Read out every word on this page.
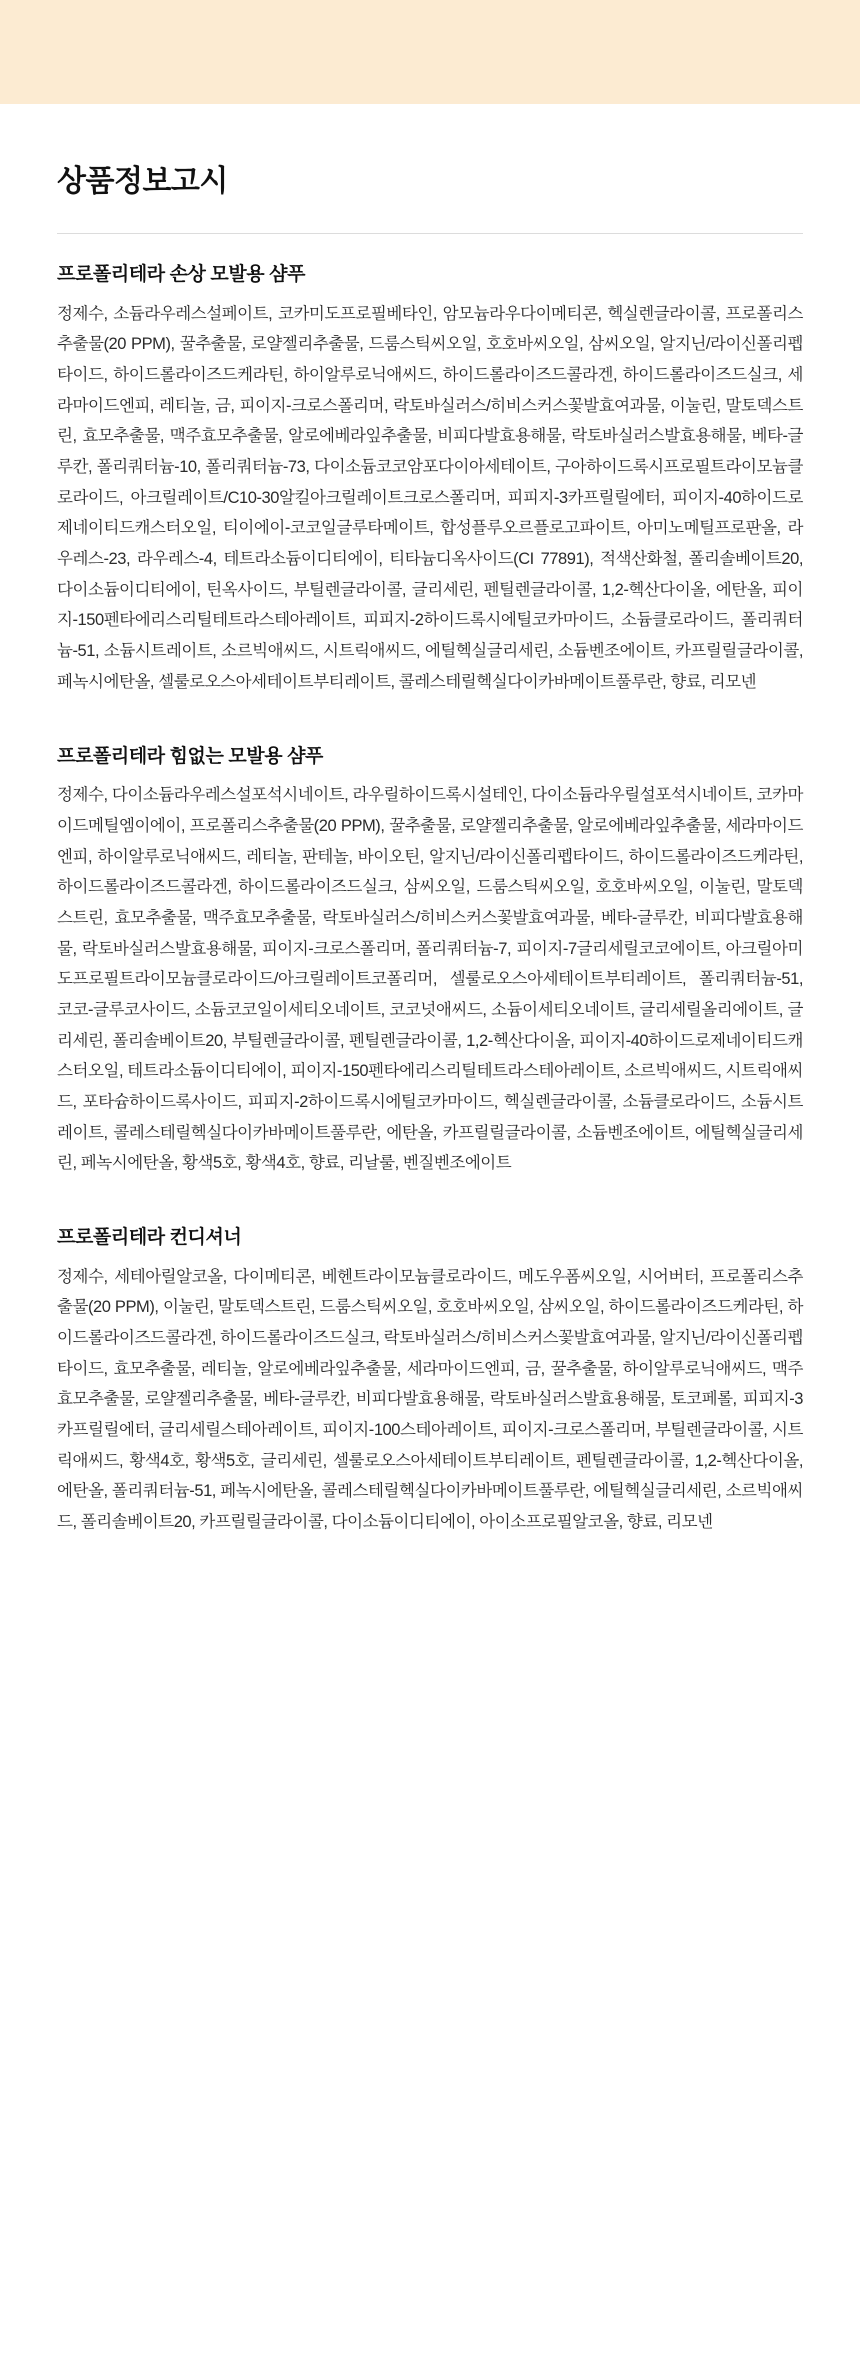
상품정보고시
프로폴리테라 손상 모발용 샴푸

정제수, 소듐라우레스설페이트, 코카미도프로필베타인, 암모늄라우다이메티콘, 헥실렌글라이콜, 프로폴리스추출물(20 PPM), 꿀추출물, 로얄젤리추출물, 드룸스틱씨오일, 호호바씨오일, 삼씨오일, 알지닌/라이신폴리펩타이드, 하이드롤라이즈드케라틴, 하이알루로닉애씨드, 하이드롤라이즈드콜라겐, 하이드롤라이즈드실크, 세라마이드엔피, 레티놀, 금, 피이지-크로스폴리머, 락토바실러스/히비스커스꽃발효여과물, 이눌린, 말토덱스트린, 효모추출물, 맥주효모추출물, 알로에베라잎추출물, 비피다발효용해물, 락토바실러스발효용해물, 베타-글루칸, 폴리쿼터늄-10, 폴리쿼터늄-73, 다이소듐코코암포다이아세테이트, 구아하이드록시프로필트라이모늄클로라이드, 아크릴레이트/C10-30알킬아크릴레이트크로스폴리머, 피피지-3카프릴릴에터, 피이지-40하이드로제네이티드캐스터오일, 티이에이-코코일글루타메이트, 합성플루오르플로고파이트, 아미노메틸프로판올, 라우레스-23, 라우레스-4, 테트라소듐이디티에이, 티타늄디옥사이드(CI 77891), 적색산화철, 폴리솔베이트20, 다이소듐이디티에이, 틴옥사이드, 부틸렌글라이콜, 글리세린, 펜틸렌글라이콜, 1,2-헥산다이올, 에탄올, 피이지-150펜타에리스리틸테트라스테아레이트, 피피지-2하이드록시에틸코카마이드, 소듐클로라이드, 폴리쿼터늄-51, 소듐시트레이트, 소르빅애씨드, 시트릭애씨드, 에틸헥실글리세린, 소듐벤조에이트, 카프릴릴글라이콜, 페녹시에탄올, 셀룰로오스아세테이트부티레이트, 콜레스테릴헥실다이카바메이트풀루란, 향료, 리모넨

프로폴리테라 힘없는 모발용 샴푸

정제수, 다이소듐라우레스설포석시네이트, 라우릴하이드록시설테인, 다이소듐라우릴설포석시네이트, 코카마이드메틸엠이에이, 프로폴리스추출물(20 PPM), 꿀추출물, 로얄젤리추출물, 알로에베라잎추출물, 세라마이드엔피, 하이알루로닉애씨드, 레티놀, 판테놀, 바이오틴, 알지닌/라이신폴리펩타이드, 하이드롤라이즈드케라틴, 하이드롤라이즈드콜라겐, 하이드롤라이즈드실크, 삼씨오일, 드룸스틱씨오일, 호호바씨오일, 이눌린, 말토덱스트린, 효모추출물, 맥주효모추출물, 락토바실러스/히비스커스꽃발효여과물, 베타-글루칸, 비피다발효용해물, 락토바실러스발효용해물, 피이지-크로스폴리머, 폴리쿼터늄-7, 피이지-7글리세릴코코에이트, 아크릴아미도프로필트라이모늄클로라이드/아크릴레이트코폴리머, 셀룰로오스아세테이트부티레이트, 폴리쿼터늄-51, 코코-글루코사이드, 소듐코코일이세티오네이트, 코코넛애씨드, 소듐이세티오네이트, 글리세릴올리에이트, 글리세린, 폴리솔베이트20, 부틸렌글라이콜, 펜틸렌글라이콜, 1,2-헥산다이올, 피이지-40하이드로제네이티드캐스터오일, 테트라소듐이디티에이, 피이지-150펜타에리스리틸테트라스테아레이트, 소르빅애씨드, 시트릭애씨드, 포타슘하이드록사이드, 피피지-2하이드록시에틸코카마이드, 헥실렌글라이콜, 소듐클로라이드, 소듐시트레이트, 콜레스테릴헥실다이카바메이트풀루란, 에탄올, 카프릴릴글라이콜, 소듐벤조에이트, 에틸헥실글리세린, 페녹시에탄올, 황색5호, 황색4호, 향료, 리날룰, 벤질벤조에이트

프로폴리테라 컨디셔너

정제수, 세테아릴알코올, 다이메티콘, 베헨트라이모늄클로라이드, 메도우폼씨오일, 시어버터, 프로폴리스추출물(20 PPM), 이눌린, 말토덱스트린, 드룸스틱씨오일, 호호바씨오일, 삼씨오일, 하이드롤라이즈드케라틴, 하이드롤라이즈드콜라겐, 하이드롤라이즈드실크, 락토바실러스/히비스커스꽃발효여과물, 알지닌/라이신폴리펩타이드, 효모추출물, 레티놀, 알로에베라잎추출물, 세라마이드엔피, 금, 꿀추출물, 하이알루로닉애씨드, 맥주효모추출물, 로얄젤리추출물, 베타-글루칸, 비피다발효용해물, 락토바실러스발효용해물, 토코페롤, 피피지-3카프릴릴에터, 글리세릴스테아레이트, 피이지-100스테아레이트, 피이지-크로스폴리머, 부틸렌글라이콜, 시트릭애씨드, 황색4호, 황색5호, 글리세린, 셀룰로오스아세테이트부티레이트, 펜틸렌글라이콜, 1,2-헥산다이올, 에탄올, 폴리쿼터늄-51, 페녹시에탄올, 콜레스테릴헥실다이카바메이트풀루란, 에틸헥실글리세린, 소르빅애씨드, 폴리솔베이트20, 카프릴릴글라이콜, 다이소듐이디티에이, 아이소프로필알코올, 향료, 리모넨
